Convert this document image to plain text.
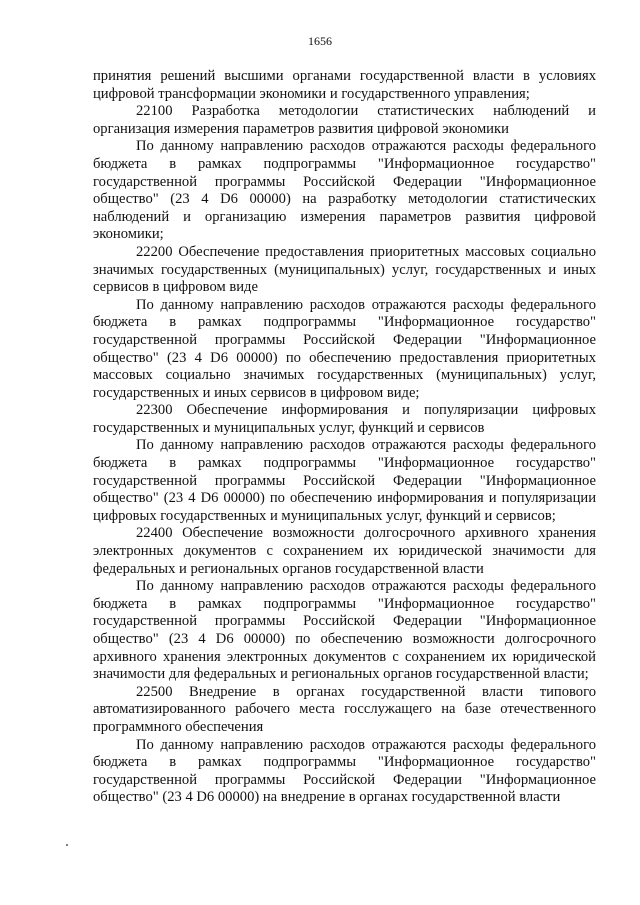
1656

принятия решений высшими органами государственной власти в условиях цифровой трансформации экономики и государственного управления;

22100 Разработка методологии статистических наблюдений и организация измерения параметров развития цифровой экономики

По данному направлению расходов отражаются расходы федерального бюджета в рамках подпрограммы "Информационное государство" государственной программы Российской Федерации "Информационное общество" (23 4 D6 00000) на разработку методологии статистических наблюдений и организацию измерения параметров развития цифровой экономики;

22200 Обеспечение предоставления приоритетных массовых социально значимых государственных (муниципальных) услуг, государственных и иных сервисов в цифровом виде

По данному направлению расходов отражаются расходы федерального бюджета в рамках подпрограммы "Информационное государство" государственной программы Российской Федерации "Информационное общество" (23 4 D6 00000) по обеспечению предоставления приоритетных массовых социально значимых государственных (муниципальных) услуг, государственных и иных сервисов в цифровом виде;

22300 Обеспечение информирования и популяризации цифровых государственных и муниципальных услуг, функций и сервисов

По данному направлению расходов отражаются расходы федерального бюджета в рамках подпрограммы "Информационное государство" государственной программы Российской Федерации "Информационное общество" (23 4 D6 00000) по обеспечению информирования и популяризации цифровых государственных и муниципальных услуг, функций и сервисов;

22400 Обеспечение возможности долгосрочного архивного хранения электронных документов с сохранением их юридической значимости для федеральных и региональных органов государственной власти

По данному направлению расходов отражаются расходы федерального бюджета в рамках подпрограммы "Информационное государство" государственной программы Российской Федерации "Информационное общество" (23 4 D6 00000) по обеспечению возможности долгосрочного архивного хранения электронных документов с сохранением их юридической значимости для федеральных и региональных органов государственной власти;

22500 Внедрение в органах государственной власти типового автоматизированного рабочего места госслужащего на базе отечественного программного обеспечения

По данному направлению расходов отражаются расходы федерального бюджета в рамках подпрограммы "Информационное государство" государственной программы Российской Федерации "Информационное общество" (23 4 D6 00000) на внедрение в органах государственной власти
